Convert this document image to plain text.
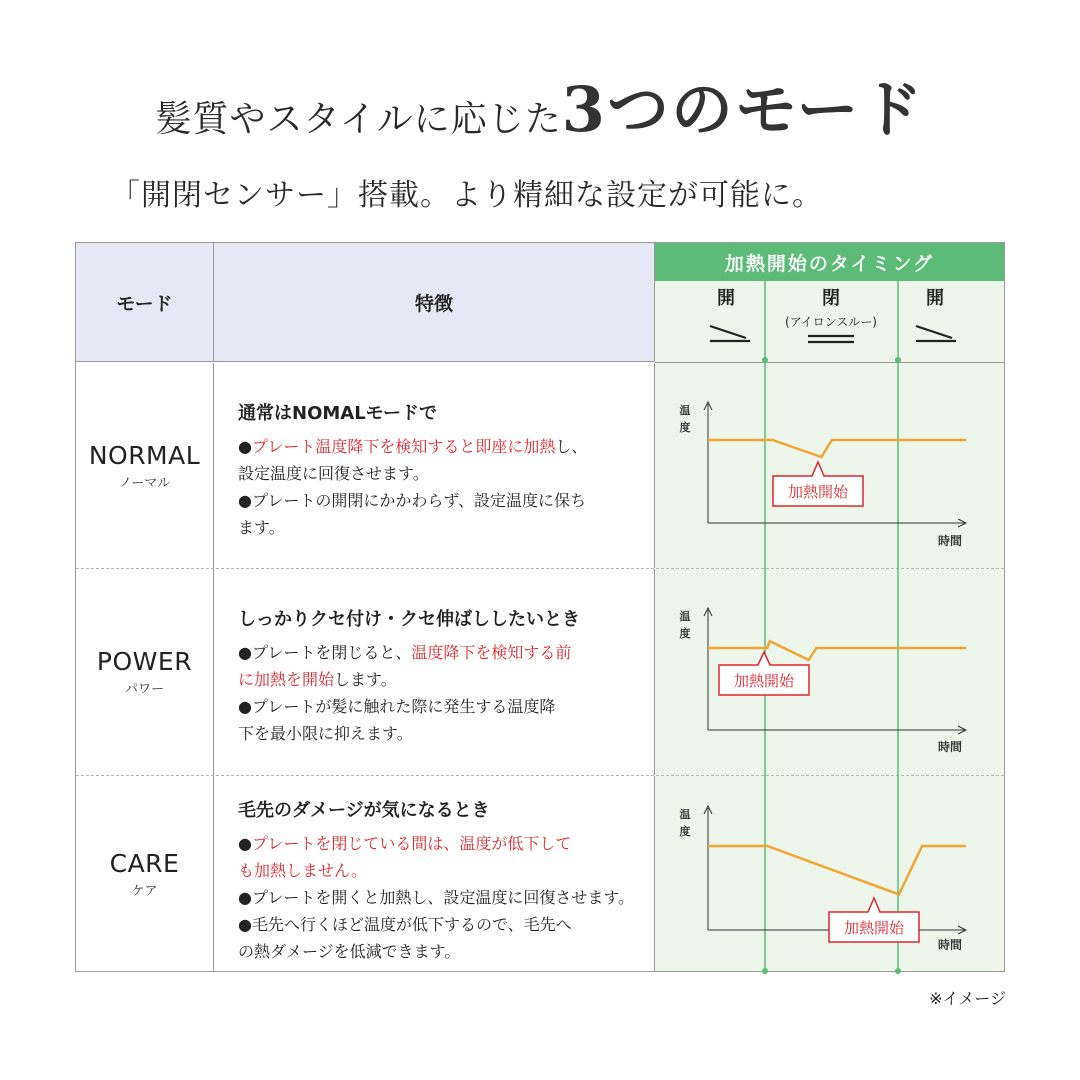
髪質やスタイルに応じた3つのモード
「開閉センサー」搭載。より精細な設定が可能に。
モード	特徴
加熱開始のタイミング
NORMAL
ノーマル
通常はNOMALモードで
●プレート温度降下を検知すると即座に加熱し、
設定温度に回復させます。
●プレートの開閉にかかわらず、設定温度に保ち
ます。
POWER
パワー
しっかりクセ付け・クセ伸ばししたいとき
●プレートを閉じると、温度降下を検知する前
に加熱を開始します。
●プレートが髪に触れた際に発生する温度降
下を最小限に抑えます。
CARE
ケア
毛先のダメージが気になるとき
●プレートを閉じている間は、温度が低下して
も加熱しません。
●プレートを開くと加熱し、設定温度に回復させます。
●毛先へ行くほど温度が低下するので、毛先へ
の熱ダメージを低減できます。
開	閉
(アイロンスルー)
開
温
度
時間
加熱開始
温
度
時間
加熱開始
温
度
時間
加熱開始
※イメージ
